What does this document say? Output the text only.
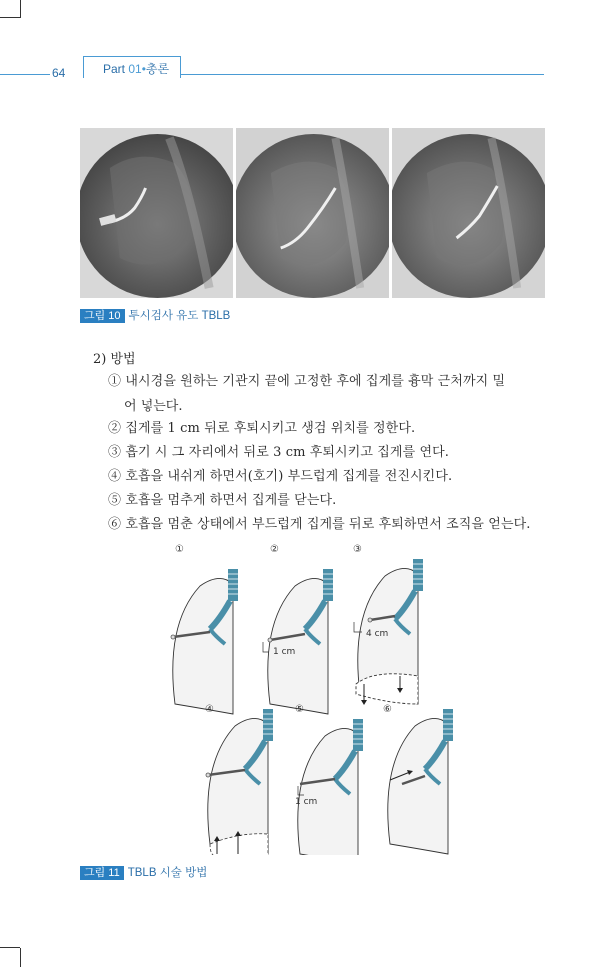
64	Part 01•총론
그림 10 투시검사 유도 TBLB
2) 방법
① 내시경을 원하는 기관지 끝에 고정한 후에 집게를 흉막 근처까지 밀
어 넣는다.
② 집게를 1 cm 뒤로 후퇴시키고 생검 위치를 정한다.
③ 흡기 시 그 자리에서 뒤로 3 cm 후퇴시키고 집게를 연다.
④ 호흡을 내쉬게 하면서(호기) 부드럽게 집게를 전진시킨다.
⑤ 호흡을 멈추게 하면서 집게를 닫는다.
⑥ 호흡을 멈춘 상태에서 부드럽게 집게를 뒤로 후퇴하면서 조직을 얻는다.
①	②
1 cm
③
4 cm
④	⑤
1 cm
⑥
그림 11 TBLB 시술 방법
